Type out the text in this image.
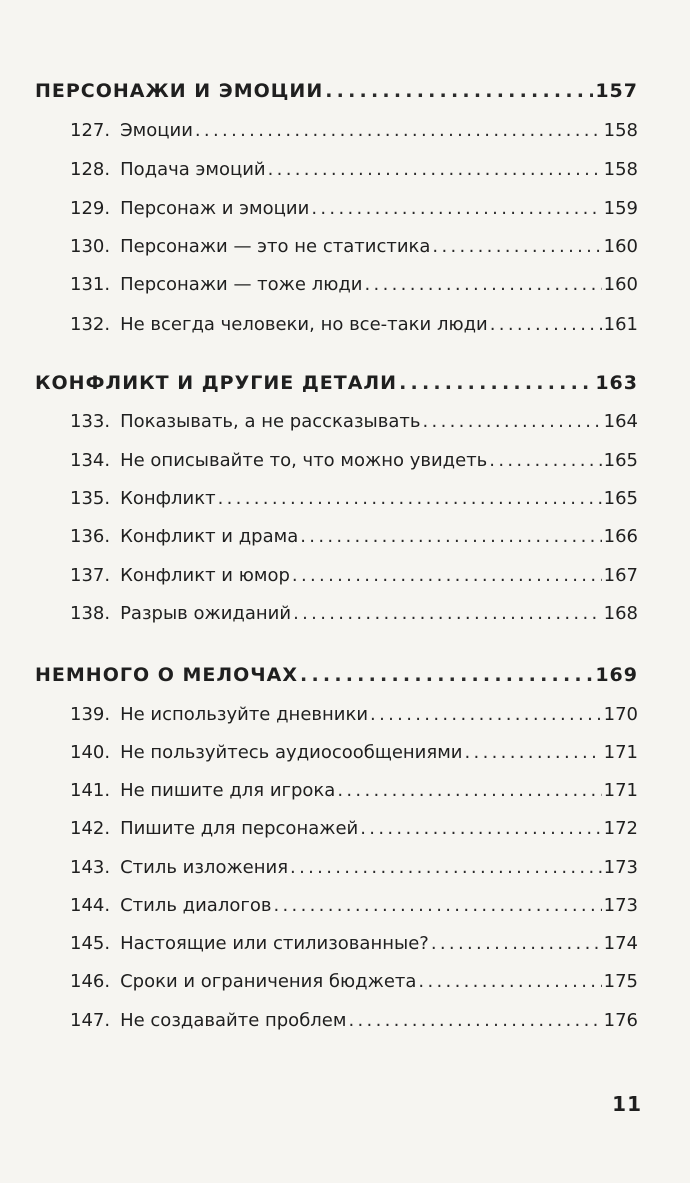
ПЕРСОНАЖИ И ЭМОЦИИ . . .	157
127. Эмоции . . .	158
128. Подача эмоций . . .	158
129. Персонаж и эмоции . . .	159
130. Персонажи — это не статистика . . .	160
131. Персонажи — тоже люди . . .	160
132. Не всегда человеки, но все-таки люди . . .	161
КОНФЛИКТ И ДРУГИЕ ДЕТАЛИ . . .	163
133. Показывать, а не рассказывать . . .	164
134. Не описывайте то, что можно увидеть . . .	165
135. Конфликт . . .	165
136. Конфликт и драма . . .	166
137. Конфликт и юмор . . .	167
138. Разрыв ожиданий . . .	168
НЕМНОГО О МЕЛОЧАХ . . .	169
139. Не используйте дневники . . .	170
140. Не пользуйтесь аудиосообщениями . . .	171
141. Не пишите для игрока . . .	171
142. Пишите для персонажей . . .	172
143. Стиль изложения . . .	173
144. Стиль диалогов . . .	173
145. Настоящие или стилизованные? . . .	174
146. Сроки и ограничения бюджета . . .	175
147. Не создавайте проблем . . .	176
11
